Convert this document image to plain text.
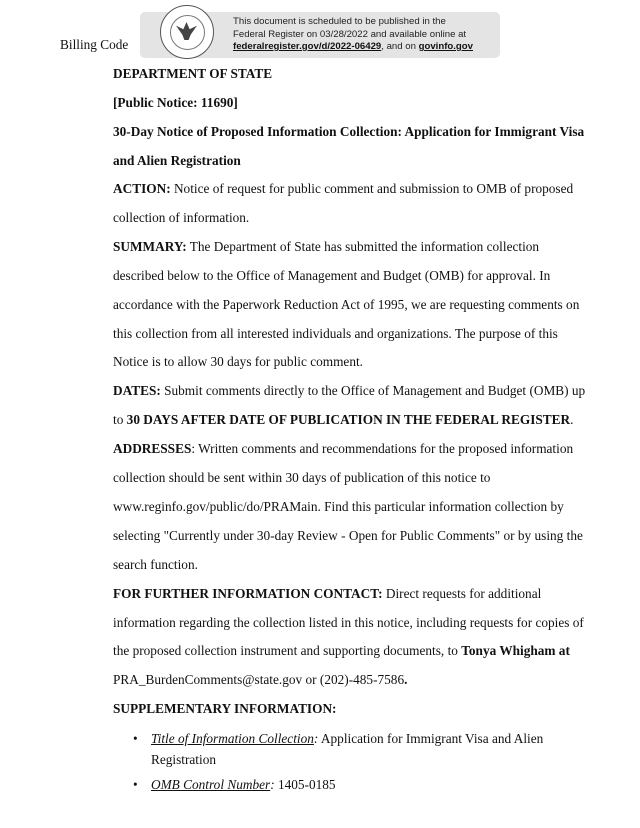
Billing Code
This document is scheduled to be published in the
Federal Register on 03/28/2022 and available online at
federalregister.gov/d/2022-06429, and on govinfo.gov
DEPARTMENT OF STATE
[Public Notice: 11690]
30-Day Notice of Proposed Information Collection: Application for Immigrant Visa
and Alien Registration
ACTION: Notice of request for public comment and submission to OMB of proposed
collection of information.
SUMMARY: The Department of State has submitted the information collection
described below to the Office of Management and Budget (OMB) for approval. In
accordance with the Paperwork Reduction Act of 1995, we are requesting comments on
this collection from all interested individuals and organizations. The purpose of this
Notice is to allow 30 days for public comment.
DATES: Submit comments directly to the Office of Management and Budget (OMB) up
to 30 DAYS AFTER DATE OF PUBLICATION IN THE FEDERAL REGISTER.
ADDRESSES: Written comments and recommendations for the proposed information
collection should be sent within 30 days of publication of this notice to
www.reginfo.gov/public/do/PRAMain. Find this particular information collection by
selecting "Currently under 30-day Review - Open for Public Comments" or by using the
search function.
FOR FURTHER INFORMATION CONTACT: Direct requests for additional
information regarding the collection listed in this notice, including requests for copies of
the proposed collection instrument and supporting documents, to Tonya Whigham at
PRA_BurdenComments@state.gov or (202)-485-7586.
SUPPLEMENTARY INFORMATION:
• Title of Information Collection: Application for Immigrant Visa and Alien
Registration
• OMB Control Number: 1405-0185
